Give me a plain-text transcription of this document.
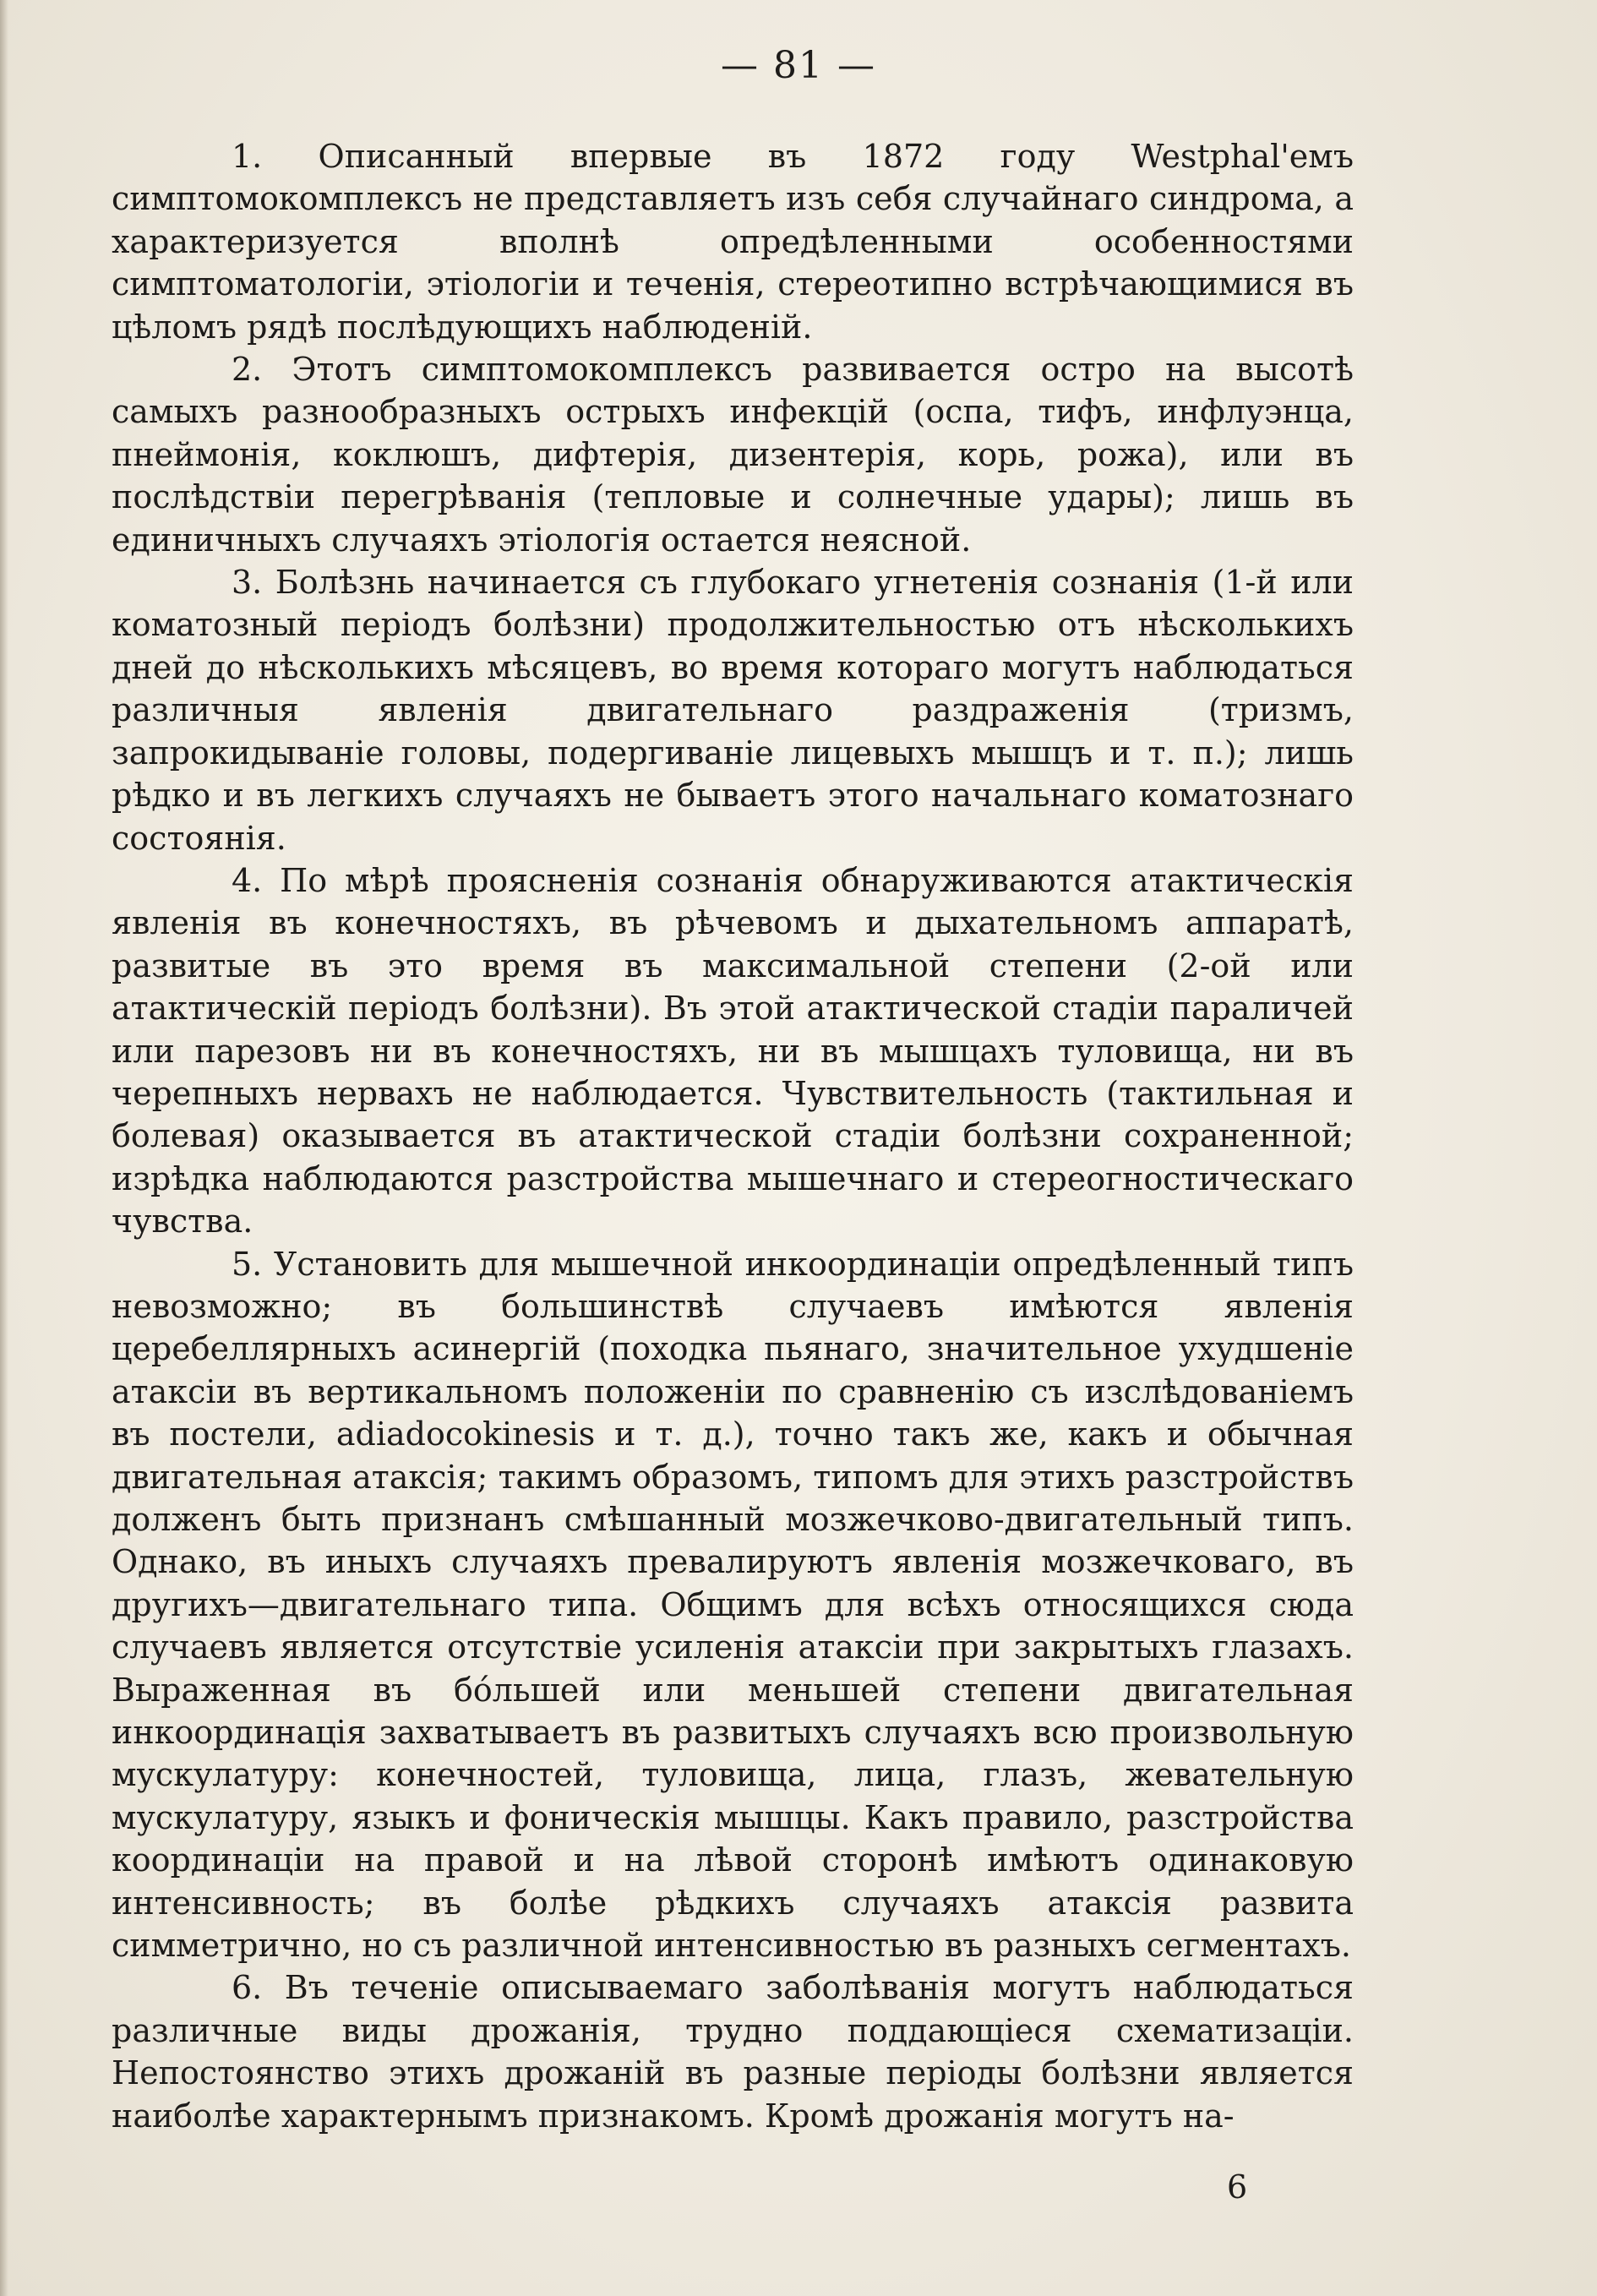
— 81 —

1. Описанный впервые въ 1872 году Westphal'емъ симптомокомплексъ не представляетъ изъ себя случайнаго синдрома, а характеризуется вполнѣ опредѣленными особенностями симптоматологіи, этіологіи и теченія, стереотипно встрѣчающимися въ цѣломъ рядѣ послѣдующихъ наблюденій.

2. Этотъ симптомокомплексъ развивается остро на высотѣ самыхъ разнообразныхъ острыхъ инфекцій (оспа, тифъ, инфлуэнца, пнеймонія, коклюшъ, дифтерія, дизентерія, корь, рожа), или въ послѣдствіи перегрѣванія (тепловые и солнечные удары); лишь въ единичныхъ случаяхъ этіологія остается неясной.

3. Болѣзнь начинается съ глубокаго угнетенія сознанія (1-й или коматозный періодъ болѣзни) продолжительностью отъ нѣсколькихъ дней до нѣсколькихъ мѣсяцевъ, во время котораго могутъ наблюдаться различныя явленія двигательнаго раздраженія (тризмъ, запрокидываніе головы, подергиваніе лицевыхъ мышцъ и т. п.); лишь рѣдко и въ легкихъ случаяхъ не бываетъ этого начальнаго коматознаго состоянія.

4. По мѣрѣ проясненія сознанія обнаруживаются атактическія явленія въ конечностяхъ, въ рѣчевомъ и дыхательномъ аппаратѣ, развитые въ это время въ максимальной степени (2-ой или атактическій періодъ болѣзни). Въ этой атактической стадіи параличей или парезовъ ни въ конечностяхъ, ни въ мышцахъ туловища, ни въ черепныхъ нервахъ не наблюдается. Чувствительность (тактильная и болевая) оказывается въ атактической стадіи болѣзни сохраненной; изрѣдка наблюдаются разстройства мышечнаго и стереогностическаго чувства.

5. Установить для мышечной инкоординаціи опредѣленный типъ невозможно; въ большинствѣ случаевъ имѣются явленія церебеллярныхъ асинергій (походка пьянаго, значительное ухудшеніе атаксіи въ вертикальномъ положеніи по сравненію съ изслѣдованіемъ въ постели, adiadocokinesis и т. д.), точно такъ же, какъ и обычная двигательная атаксія; такимъ образомъ, типомъ для этихъ разстройствъ долженъ быть признанъ смѣшанный мозжечково-двигательный типъ. Однако, въ иныхъ случаяхъ превалируютъ явленія мозжечковаго, въ другихъ—двигательнаго типа. Общимъ для всѣхъ относящихся сюда случаевъ является отсутствіе усиленія атаксіи при закрытыхъ глазахъ. Выраженная въ бóльшей или меньшей степени двигательная инкоординація захватываетъ въ развитыхъ случаяхъ всю произвольную мускулатуру: конечностей, туловища, лица, глазъ, жевательную мускулатуру, языкъ и фоническія мышцы. Какъ правило, разстройства координаціи на правой и на лѣвой сторонѣ имѣютъ одинаковую интенсивность; въ болѣе рѣдкихъ случаяхъ атаксія развита симметрично, но съ различной интенсивностью въ разныхъ сегментахъ.

6. Въ теченіе описываемаго заболѣванія могутъ наблюдаться различные виды дрожанія, трудно поддающіеся схематизаціи. Непостоянство этихъ дрожаній въ разные періоды болѣзни является наиболѣе характернымъ признакомъ. Кромѣ дрожанія могутъ на-

6
